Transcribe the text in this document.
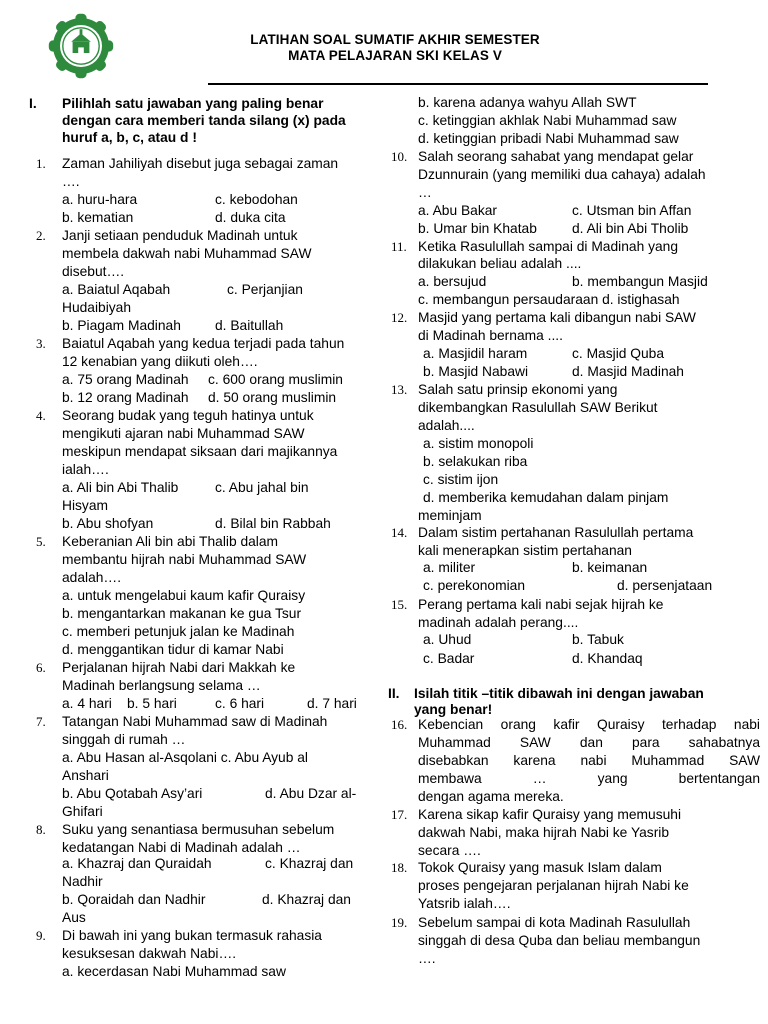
LATIHAN SOAL SUMATIF AKHIR SEMESTER
MATA PELAJARAN SKI KELAS V
I. Pilihlah satu jawaban yang paling benar
dengan cara memberi tanda silang (x) pada
huruf a, b, c, atau d !
1. Zaman Jahiliyah disebut juga sebagai zaman
….
a. huru-hara	c. kebodohan
b. kematian	d. duka cita
2. Janji setiaan penduduk Madinah untuk
membela dakwah nabi Muhammad SAW
disebut….
a. Baiatul Aqabah	c. Perjanjian
Hudaibiyah
b. Piagam Madinah d. Baitullah
3. Baiatul Aqabah yang kedua terjadi pada tahun
12 kenabian yang diikuti oleh….
a. 75 orang Madinah c. 600 orang muslimin
b. 12 orang Madinah d. 50 orang muslimin
4. Seorang budak yang teguh hatinya untuk
mengikuti ajaran nabi Muhammad SAW
meskipun mendapat siksaan dari majikannya
ialah….
a. Ali bin Abi Thalib	c. Abu jahal bin
Hisyam
b. Abu shofyan	d. Bilal bin Rabbah
5. Keberanian Ali bin abi Thalib dalam
membantu hijrah nabi Muhammad SAW
adalah….
a. untuk mengelabui kaum kafir Quraisy
b. mengantarkan makanan ke gua Tsur
c. memberi petunjuk jalan ke Madinah
d. menggantikan tidur di kamar Nabi
6. Perjalanan hijrah Nabi dari Makkah ke
Madinah berlangsung selama …
a. 4 hari b. 5 hari	c. 6 hari	d. 7 hari
7. Tatangan Nabi Muhammad saw di Madinah
singgah di rumah …
a. Abu Hasan al-Asqolani c. Abu Ayub al
Anshari
b. Abu Qotabah Asy’ari	d. Abu Dzar al-
Ghifari
8. Suku yang senantiasa bermusuhan sebelum
kedatangan Nabi di Madinah adalah …
a. Khazraj dan Quraidah	c. Khazraj dan
Nadhir
b. Qoraidah dan Nadhir	d. Khazraj dan
Aus
9. Di bawah ini yang bukan termasuk rahasia
kesuksesan dakwah Nabi….
a. kecerdasan Nabi Muhammad saw
b. karena adanya wahyu Allah SWT
c. ketinggian akhlak Nabi Muhammad saw
d. ketinggian pribadi Nabi Muhammad saw
10. Salah seorang sahabat yang mendapat gelar
Dzunnurain (yang memiliki dua cahaya) adalah
…
a. Abu Bakar	c. Utsman bin Affan
b. Umar bin Khatab	d. Ali bin Abi Tholib
11. Ketika Rasulullah sampai di Madinah yang
dilakukan beliau adalah ....
a. bersujud	b. membangun Masjid
c. membangun persaudaraan d. istighasah
12. Masjid yang pertama kali dibangun nabi SAW
di Madinah bernama ....
a. Masjidil haram	c. Masjid Quba
b. Masjid Nabawi	d. Masjid Madinah
13. Salah satu prinsip ekonomi yang
dikembangkan Rasulullah SAW Berikut
adalah....
a. sistim monopoli
b. selakukan riba
c. sistim ijon
d. memberika kemudahan dalam pinjam
meminjam
14. Dalam sistim pertahanan Rasulullah pertama
kali menerapkan sistim pertahanan
a. militer	b. keimanan
c. perekonomian	d. persenjataan
15. Perang pertama kali nabi sejak hijrah ke
madinah adalah perang....
a. Uhud	b. Tabuk
c. Badar	d. Khandaq
II. Isilah titik –titik dibawah ini dengan jawaban
yang benar!
16. Kebencian orang kafir Quraisy terhadap nabi
Muhammad SAW dan para sahabatnya
disebabkan karena nabi Muhammad SAW
membawa … yang bertentangan
dengan agama mereka.
17. Karena sikap kafir Quraisy yang memusuhi
dakwah Nabi, maka hijrah Nabi ke Yasrib
secara ….
18. Tokok Quraisy yang masuk Islam dalam
proses pengejaran perjalanan hijrah Nabi ke
Yatsrib ialah….
19. Sebelum sampai di kota Madinah Rasulullah
singgah di desa Quba dan beliau membangun
….
